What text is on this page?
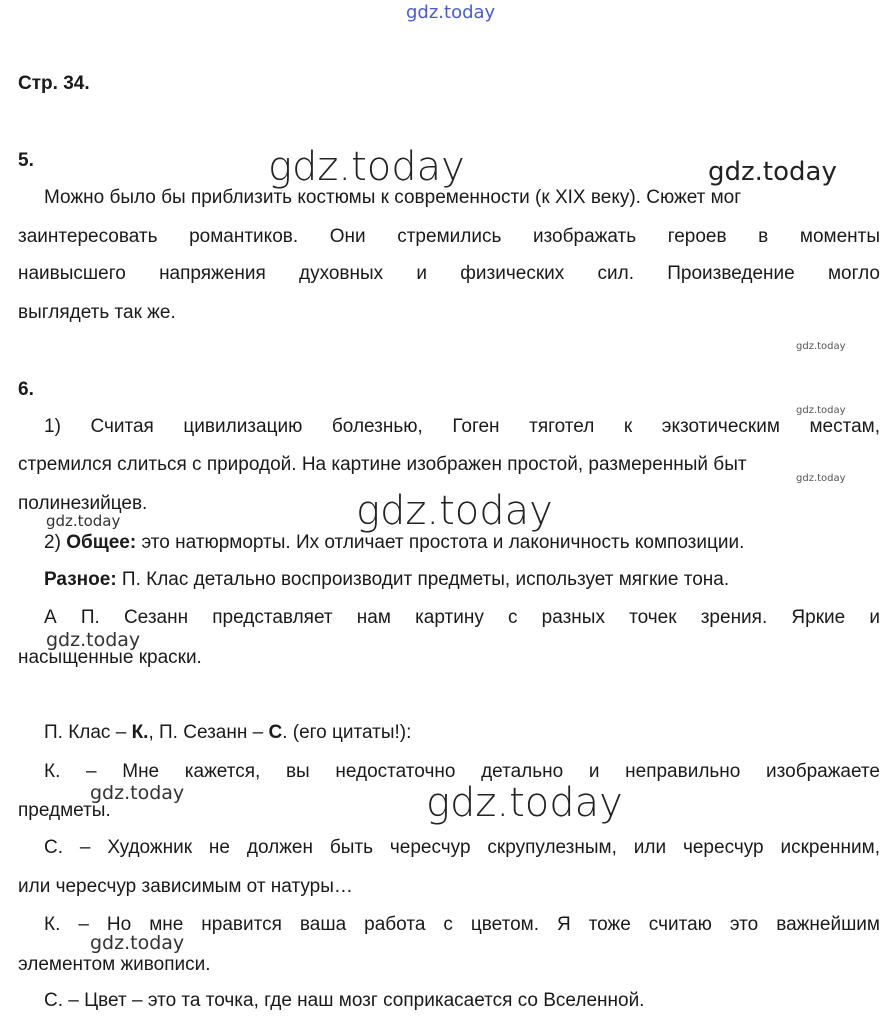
gdz.today
gdz.today	gdz.today
gdz.today
gdz.today
gdz.today
gdz.today
gdz.today
gdz.today
gdz.today	gdz.today
gdz.today
Стр. 34.
5.
Можно было бы приблизить костюмы к современности (к XIX веку). Сюжет мог
заинтересовать романтиков. Они стремились изображать героев в моменты
наивысшего напряжения духовных и физических сил. Произведение могло
выглядеть так же.
6.
1) Считая цивилизацию болезнью, Гоген тяготел к экзотическим местам,
стремился слиться с природой. На картине изображен простой, размеренный быт
полинезийцев.
2) Общее: это натюрморты. Их отличает простота и лаконичность композиции.
Разное: П. Клас детально воспроизводит предметы, использует мягкие тона.
А П. Сезанн представляет нам картину с разных точек зрения. Яркие и
насыщенные краски.
П. Клас – К., П. Сезанн – С. (его цитаты!):
К. – Мне кажется, вы недостаточно детально и неправильно изображаете
предметы.
С. – Художник не должен быть чересчур скрупулезным, или чересчур искренним,
или чересчур зависимым от натуры…
К. – Но мне нравится ваша работа с цветом. Я тоже считаю это важнейшим
элементом живописи.
С. – Цвет – это та точка, где наш мозг соприкасается со Вселенной.
